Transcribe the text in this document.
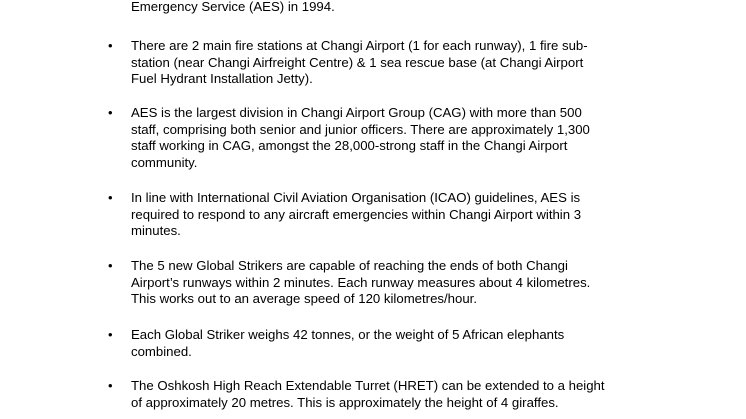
Emergency Service (AES) in 1994.

• There are 2 main fire stations at Changi Airport (1 for each runway), 1 fire sub-
station (near Changi Airfreight Centre) & 1 sea rescue base (at Changi Airport
Fuel Hydrant Installation Jetty).

• AES is the largest division in Changi Airport Group (CAG) with more than 500
staff, comprising both senior and junior officers. There are approximately 1,300
staff working in CAG, amongst the 28,000-strong staff in the Changi Airport
community.

• In line with International Civil Aviation Organisation (ICAO) guidelines, AES is
required to respond to any aircraft emergencies within Changi Airport within 3
minutes.

• The 5 new Global Strikers are capable of reaching the ends of both Changi
Airport’s runways within 2 minutes. Each runway measures about 4 kilometres.
This works out to an average speed of 120 kilometres/hour.

• Each Global Striker weighs 42 tonnes, or the weight of 5 African elephants
combined.

• The Oshkosh High Reach Extendable Turret (HRET) can be extended to a height
of approximately 20 metres. This is approximately the height of 4 giraffes.
